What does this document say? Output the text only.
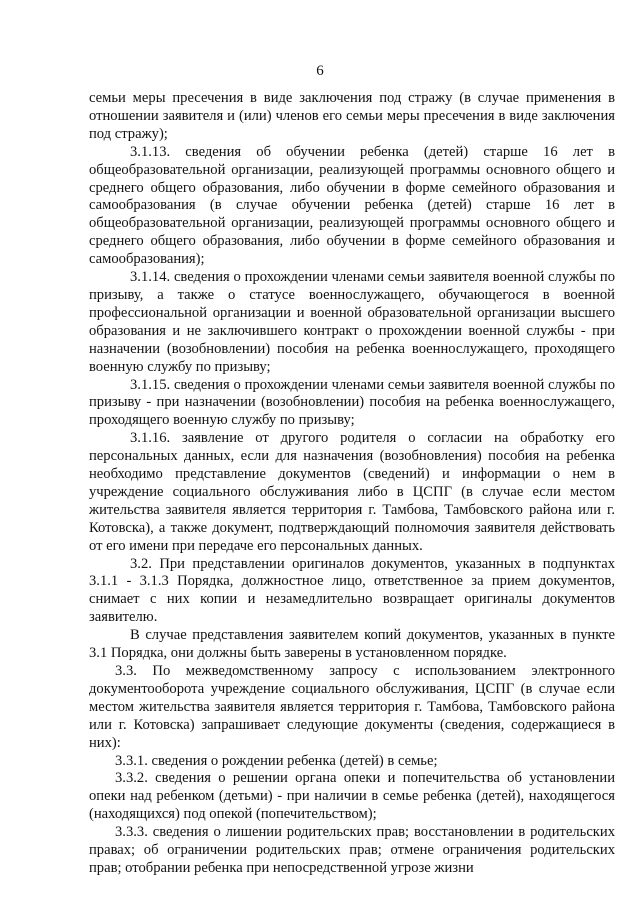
6

семьи меры пресечения в виде заключения под стражу (в случае применения в отношении заявителя и (или) членов его семьи меры пресечения в виде заключения под стражу);

3.1.13. сведения об обучении ребенка (детей) старше 16 лет в общеобразовательной организации, реализующей программы основного общего и среднего общего образования, либо обучении в форме семейного образования и самообразования (в случае обучении ребенка (детей) старше 16 лет в общеобразовательной организации, реализующей программы основного общего и среднего общего образования, либо обучении в форме семейного образования и самообразования);

3.1.14. сведения о прохождении членами семьи заявителя военной службы по призыву, а также о статусе военнослужащего, обучающегося в военной профессиональной организации и военной образовательной организации высшего образования и не заключившего контракт о прохождении военной службы - при назначении (возобновлении) пособия на ребенка военнослужащего, проходящего военную службу по призыву;

3.1.15. сведения о прохождении членами семьи заявителя военной службы по призыву - при назначении (возобновлении) пособия на ребенка военнослужащего, проходящего военную службу по призыву;

3.1.16. заявление от другого родителя о согласии на обработку его персональных данных, если для назначения (возобновления) пособия на ребенка необходимо представление документов (сведений) и информации о нем в учреждение социального обслуживания либо в ЦСПГ (в случае если местом жительства заявителя является территория г. Тамбова, Тамбовского района или г. Котовска), а также документ, подтверждающий полномочия заявителя действовать от его имени при передаче его персональных данных.

3.2. При представлении оригиналов документов, указанных в подпунктах 3.1.1 - 3.1.3 Порядка, должностное лицо, ответственное за прием документов, снимает с них копии и незамедлительно возвращает оригиналы документов заявителю.

В случае представления заявителем копий документов, указанных в пункте 3.1 Порядка, они должны быть заверены в установленном порядке.

3.3. По межведомственному запросу с использованием электронного документооборота учреждение социального обслуживания, ЦСПГ (в случае если местом жительства заявителя является территория г. Тамбова, Тамбовского района или г. Котовска) запрашивает следующие документы (сведения, содержащиеся в них):

3.3.1. сведения о рождении ребенка (детей) в семье;

3.3.2. сведения о решении органа опеки и попечительства об установлении опеки над ребенком (детьми) - при наличии в семье ребенка (детей), находящегося (находящихся) под опекой (попечительством);

3.3.3. сведения о лишении родительских прав; восстановлении в родительских правах; об ограничении родительских прав; отмене ограничения родительских прав; отобрании ребенка при непосредственной угрозе жизни
